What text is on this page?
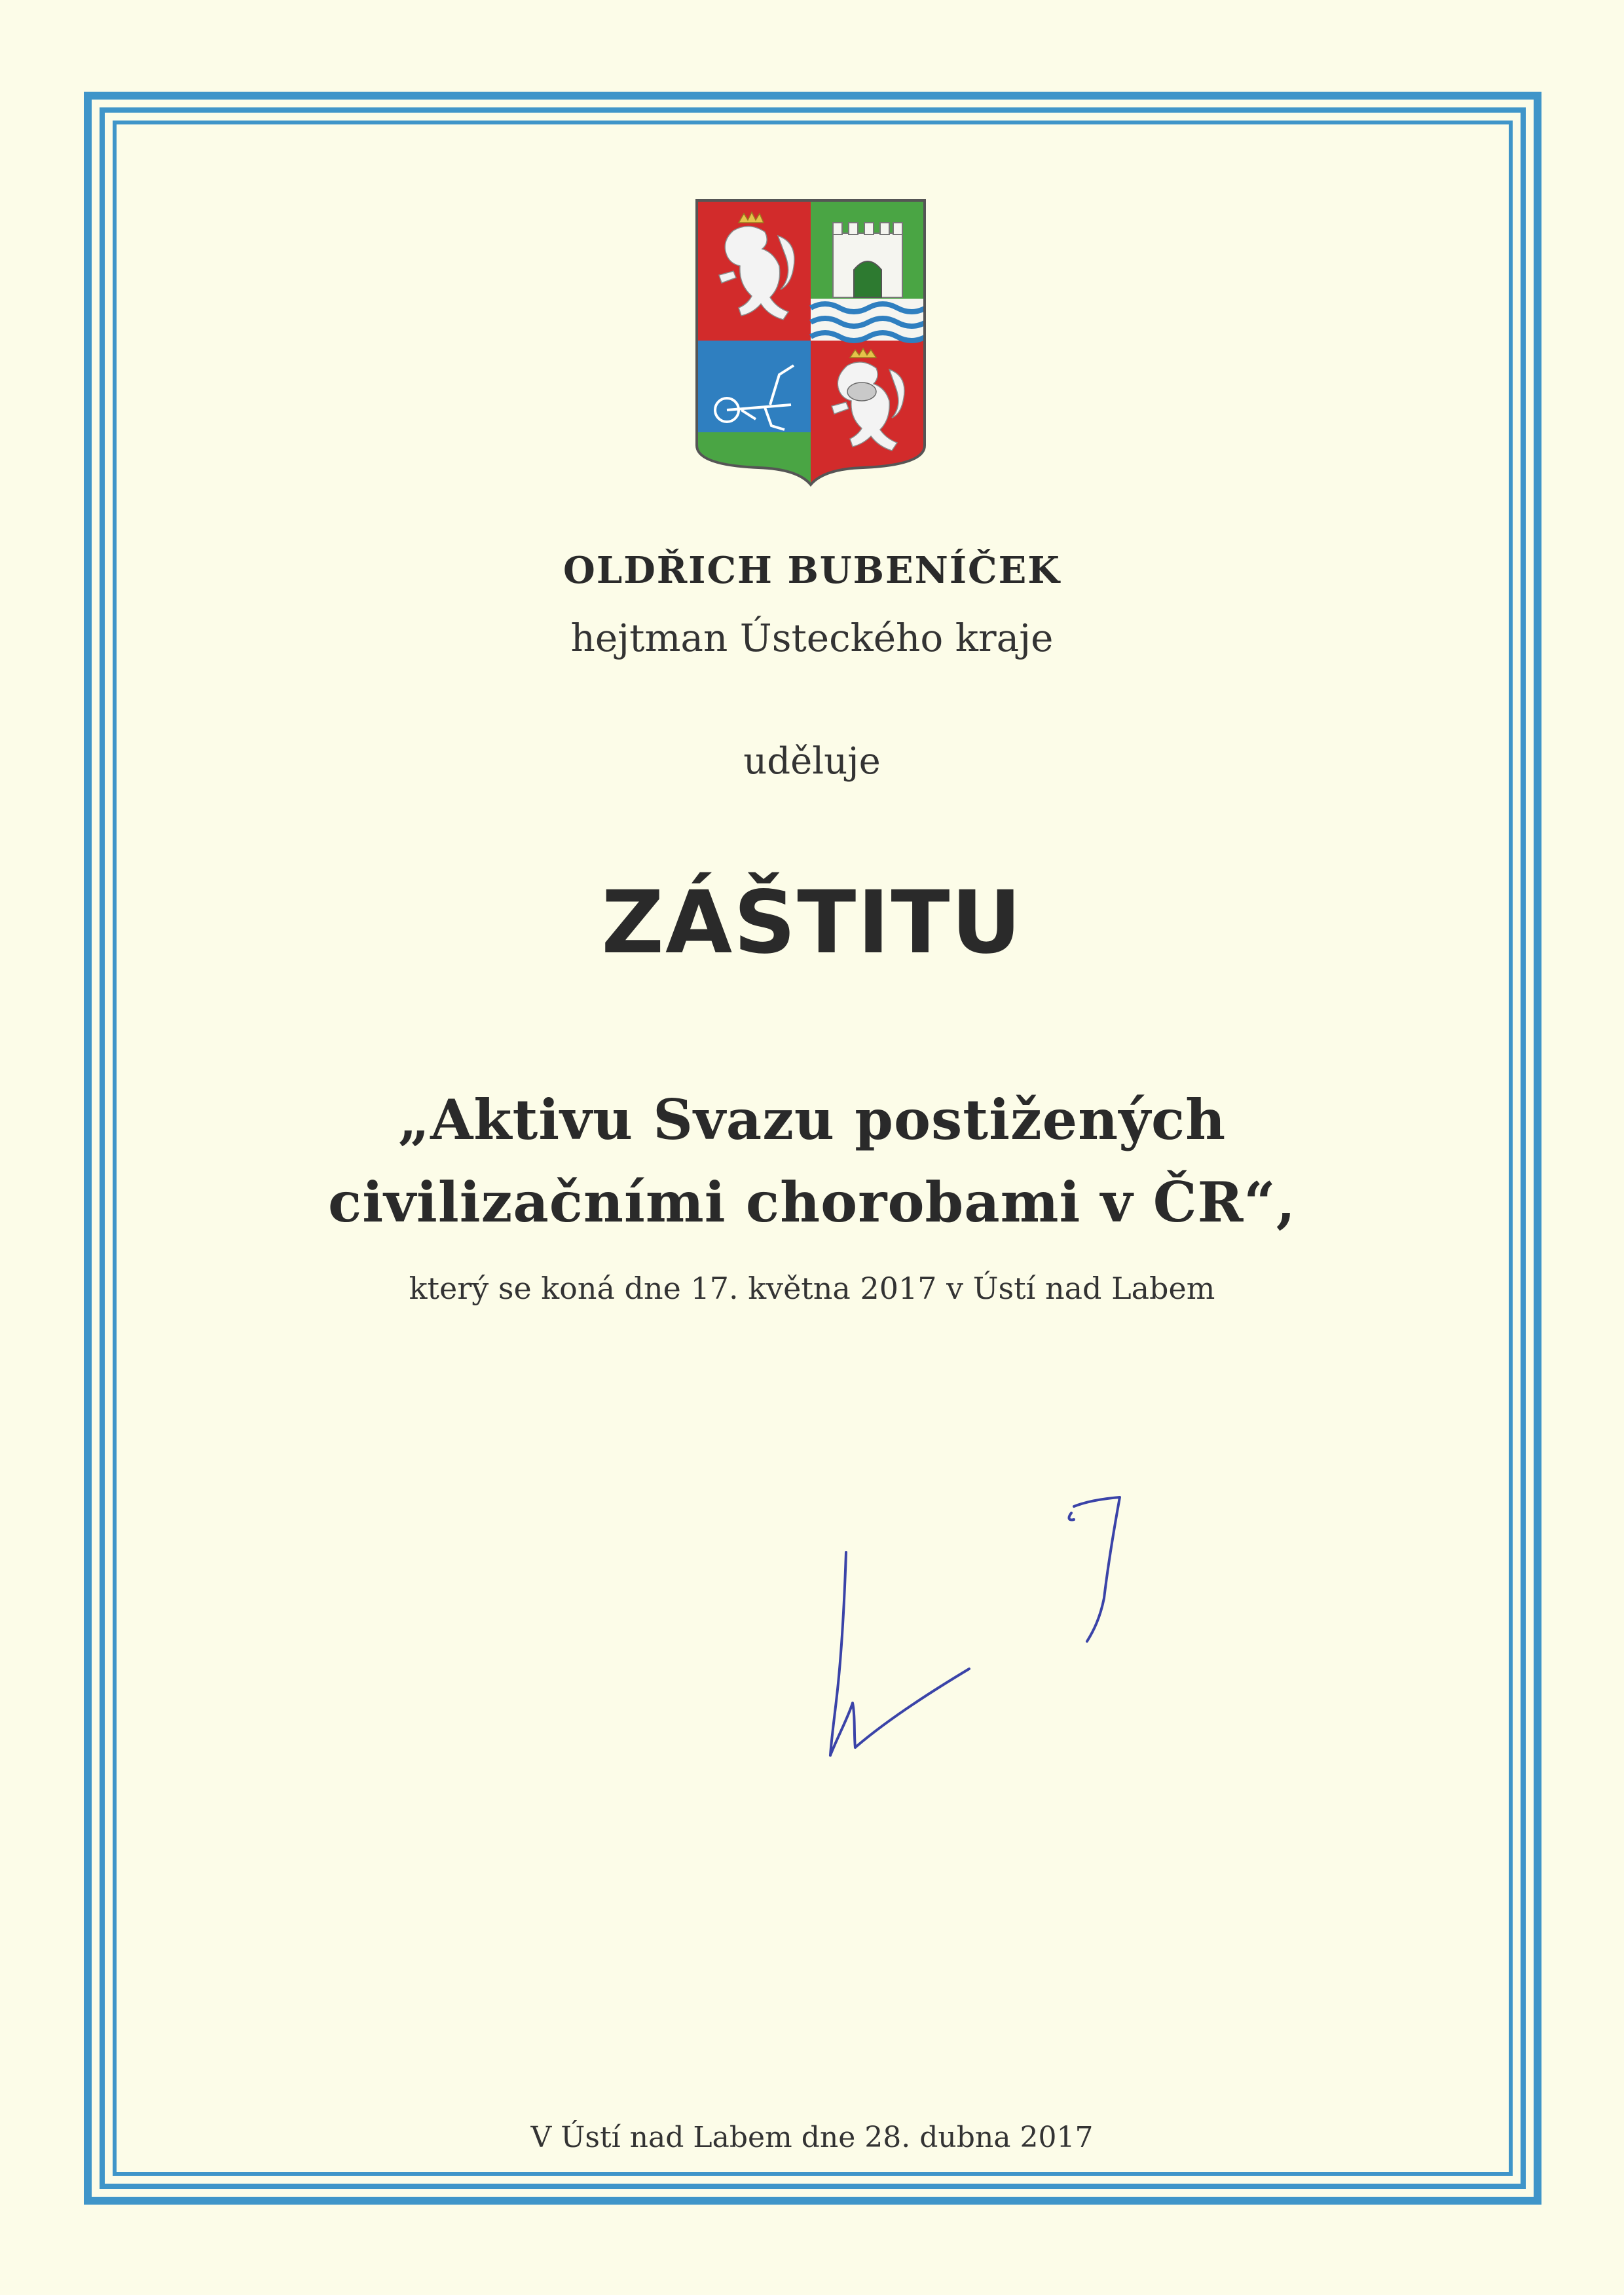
OLDŘICH BUBENÍČEK
hejtman Ústeckého kraje
uděluje
ZÁŠTITU
„Aktivu Svazu postižených
civilizačními chorobami v ČR“,
který se koná dne 17. května 2017 v Ústí nad Labem
V Ústí nad Labem dne 28. dubna 2017
